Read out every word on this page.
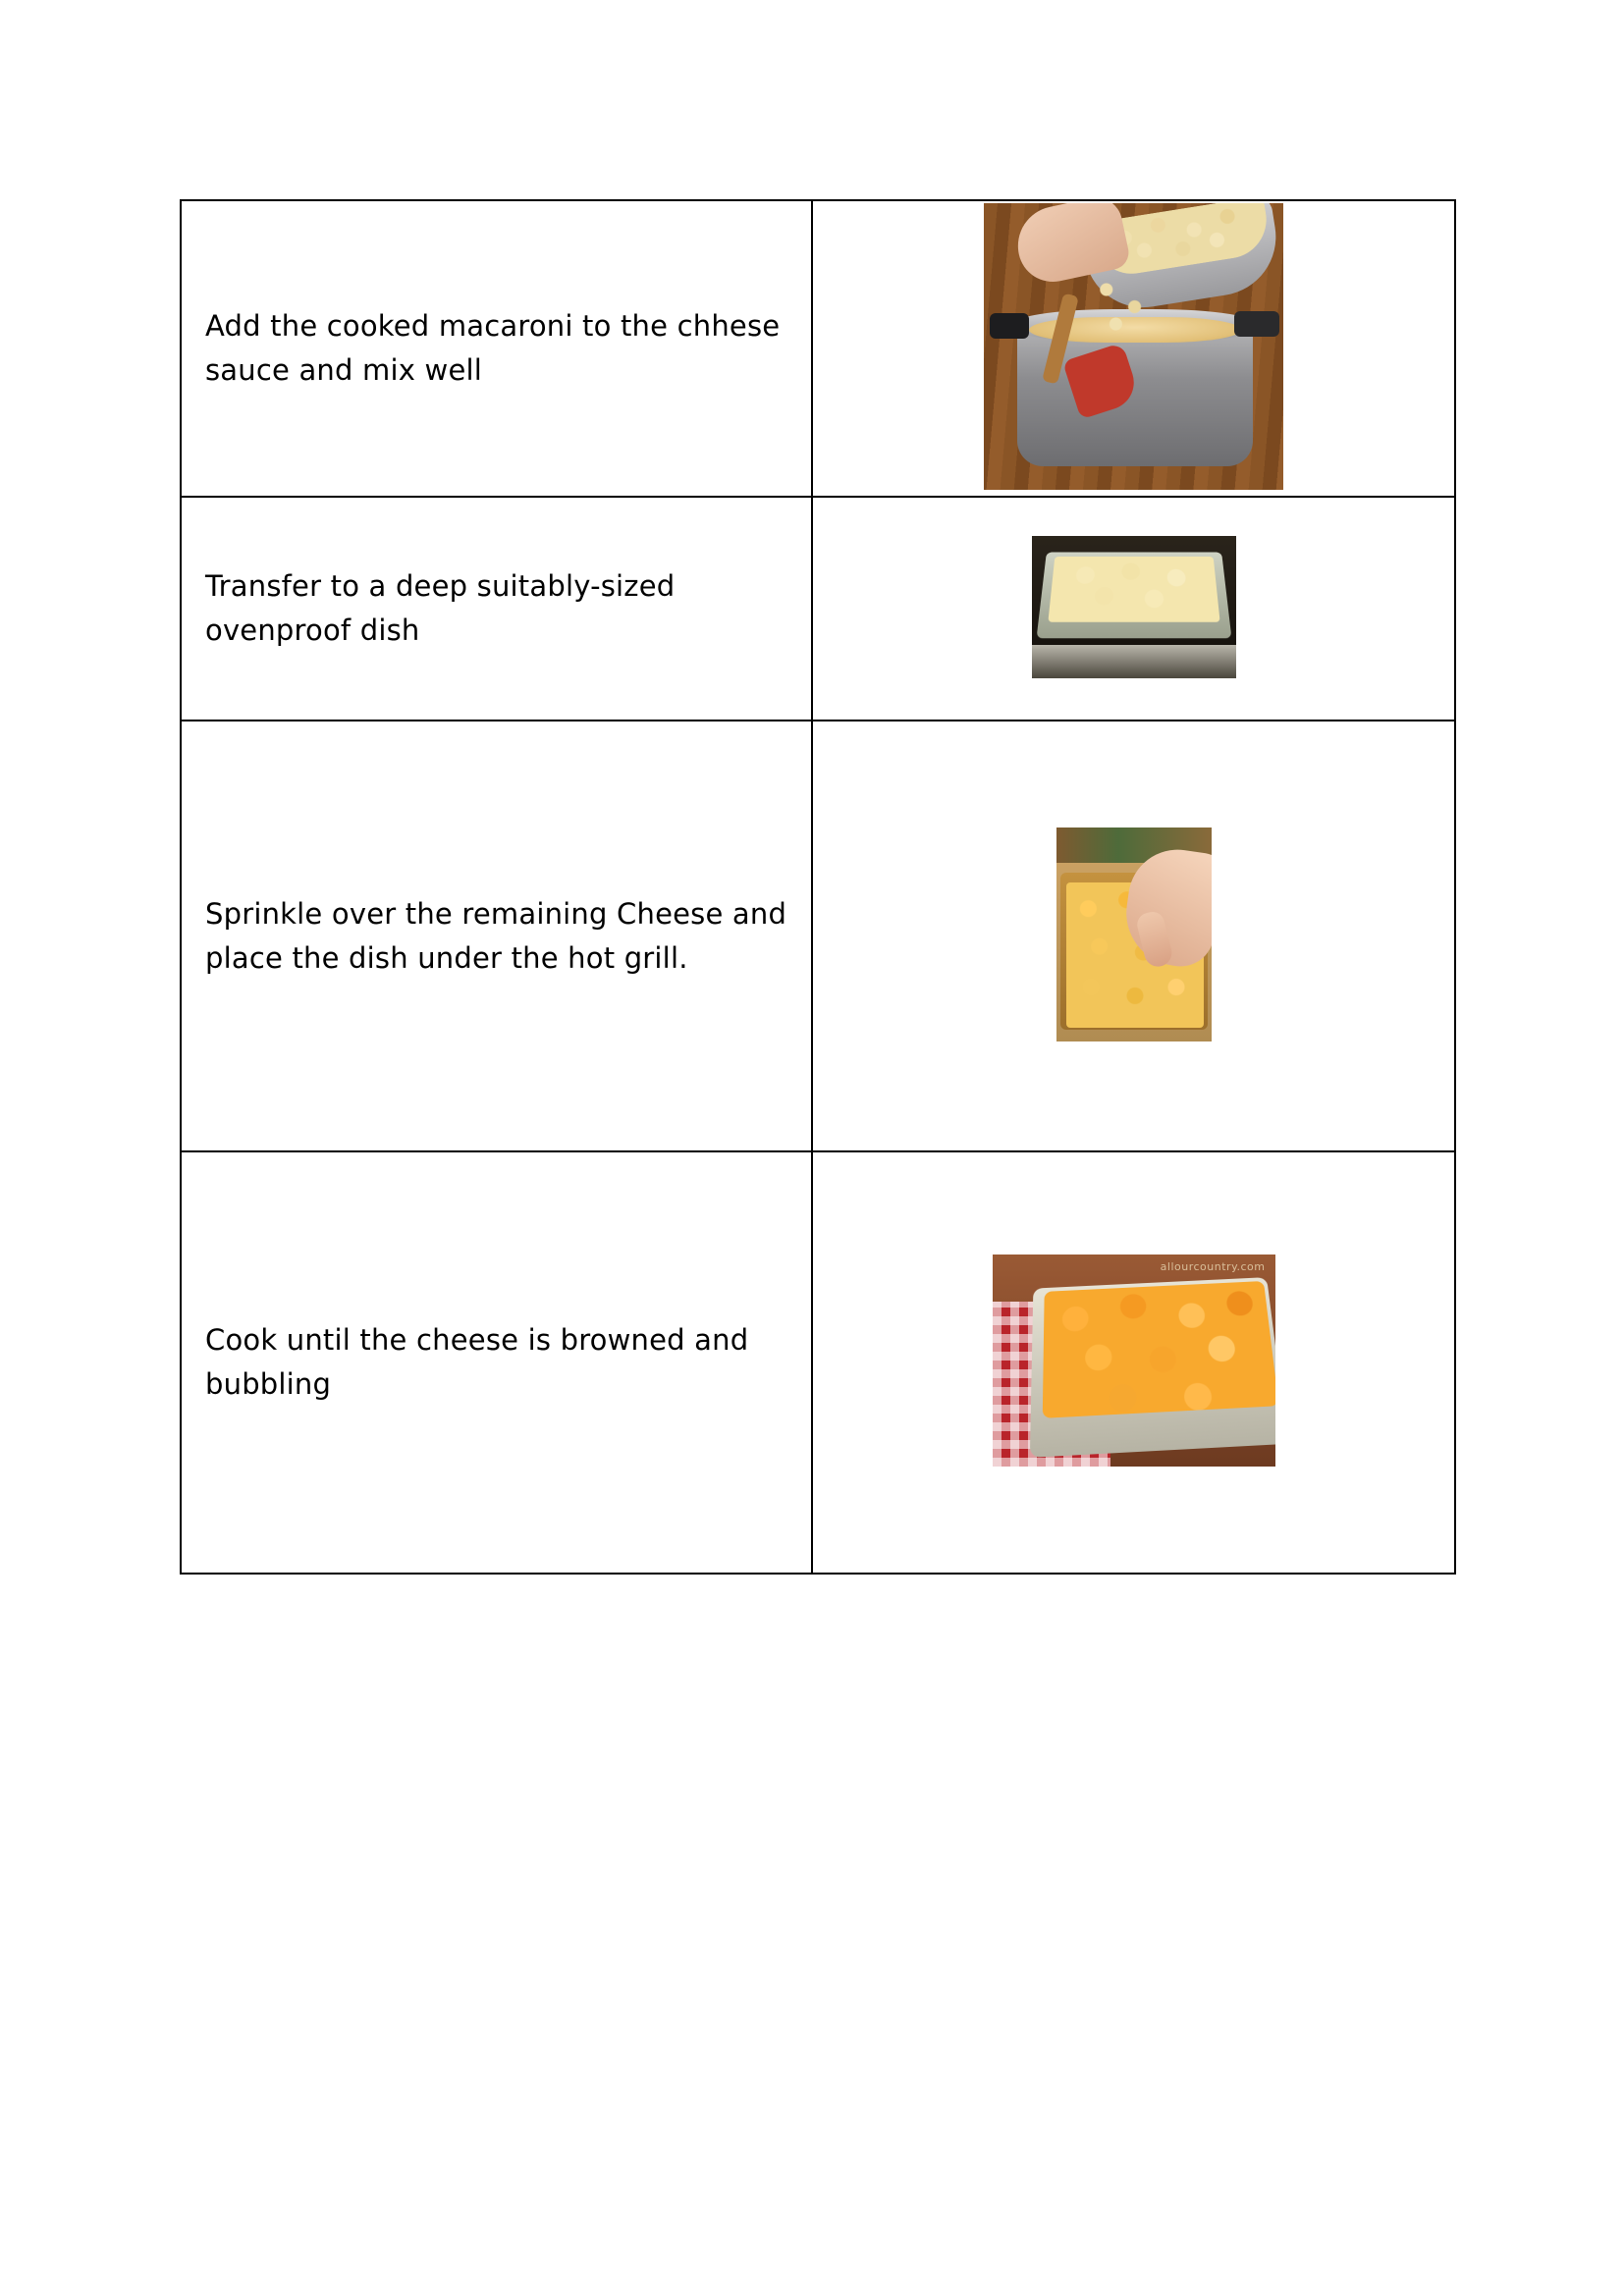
Add the cooked macaroni to the chhese sauce and mix well	

Transfer to a deep suitably-sized ovenproof dish	

Sprinkle over the remaining Cheese and place the dish under the hot grill.	

Cook until the cheese is browned and bubbling	allourcountry.com
